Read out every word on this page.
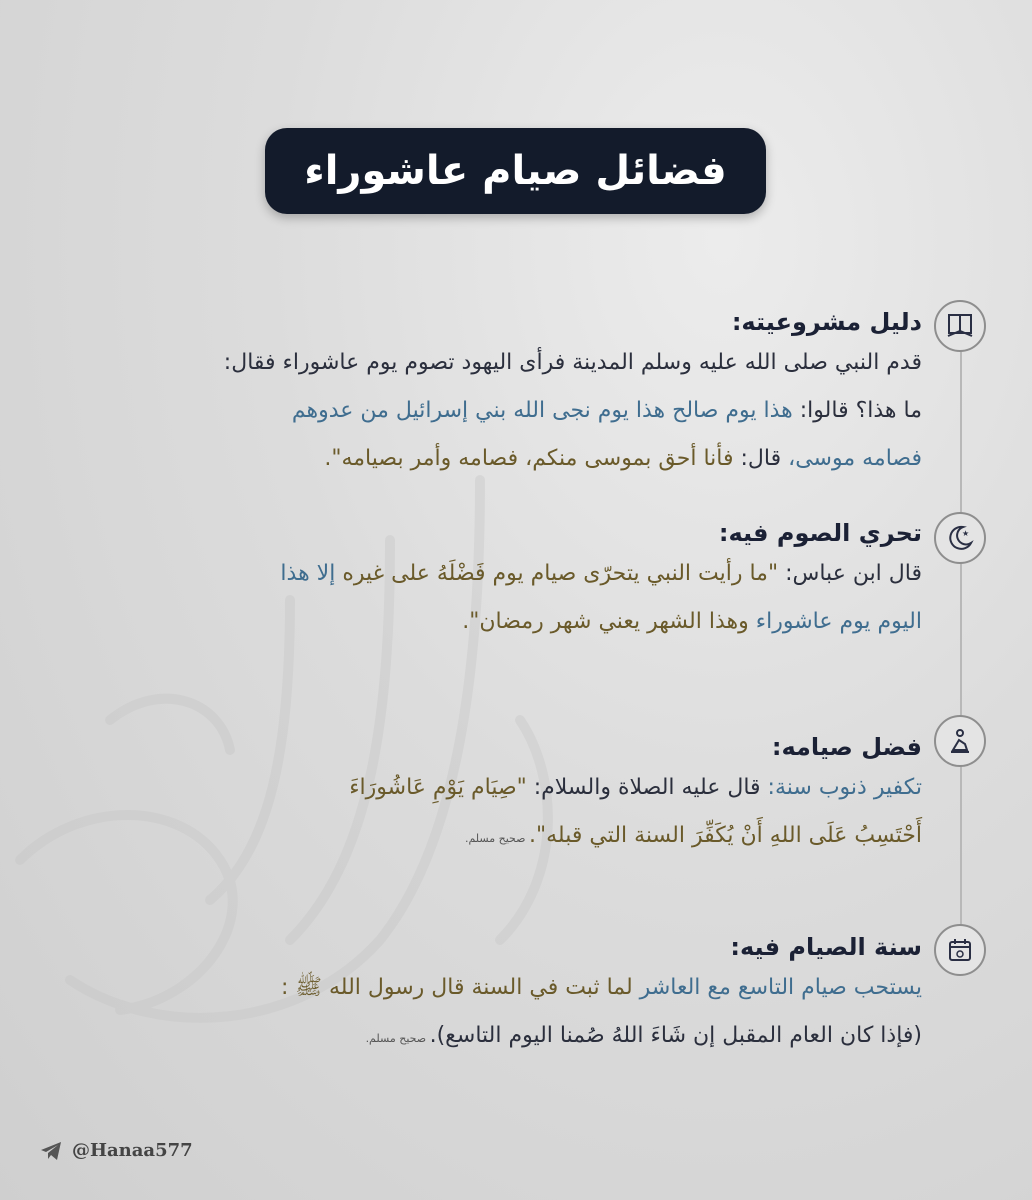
فضائل صيام عاشوراء
★
دليل مشروعيته:
قدم النبي صلى الله عليه وسلم المدينة فرأى اليهود تصوم يوم عاشوراء فقال:
ما هذا؟ قالوا: هذا يوم صالح هذا يوم نجى الله بني إسرائيل من عدوهم
فصامه موسى، قال: فأنا أحق بموسى منكم، فصامه وأمر بصيامه".
تحري الصوم فيه:
قال ابن عباس: "ما رأيت النبي يتحرّى صيام يوم فَضْلَهُ على غيره إلا هذا
اليوم يوم عاشوراء وهذا الشهر يعني شهر رمضان".
فضل صيامه:
تكفير ذنوب سنة: قال عليه الصلاة والسلام: "صِيَام يَوْمِ عَاشُورَاءَ
أَحْتَسِبُ عَلَى اللهِ أَنْ يُكَفِّرَ السنة التي قبله". صحيح مسلم.
سنة الصيام فيه:
يستحب صيام التاسع مع العاشر لما ثبت في السنة قال رسول الله ﷺ :
(فإذا كان العام المقبل إن شَاءَ اللهُ صُمنا اليوم التاسع). صحيح مسلم.
@Hanaa577
